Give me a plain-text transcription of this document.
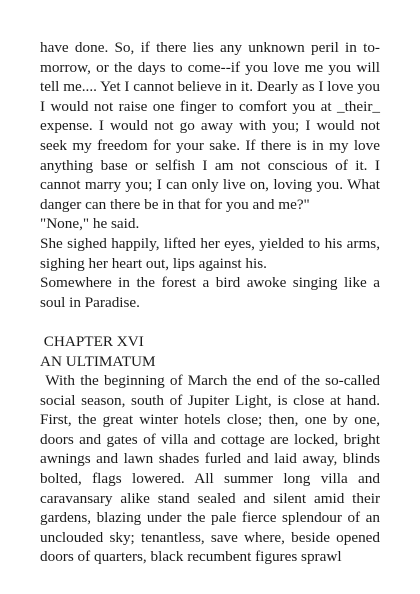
have done. So, if there lies any unknown peril in to-morrow, or the days to come--if you love me you will tell me.... Yet I cannot believe in it. Dearly as I love you I would not raise one finger to comfort you at _their_ expense. I would not go away with you; I would not seek my freedom for your sake. If there is in my love anything base or selfish I am not conscious of it. I cannot marry you; I can only live on, loving you. What danger can there be in that for you and me?"

"None," he said.

She sighed happily, lifted her eyes, yielded to his arms, sighing her heart out, lips against his.

Somewhere in the forest a bird awoke singing like a soul in Paradise.

CHAPTER XVI

AN ULTIMATUM

With the beginning of March the end of the so-called social season, south of Jupiter Light, is close at hand. First, the great winter hotels close; then, one by one, doors and gates of villa and cottage are locked, bright awnings and lawn shades furled and laid away, blinds bolted, flags lowered. All summer long villa and caravansary alike stand sealed and silent amid their gardens, blazing under the pale fierce splendour of an unclouded sky; tenantless, save where, beside opened doors of quarters, black recumbent figures sprawl
